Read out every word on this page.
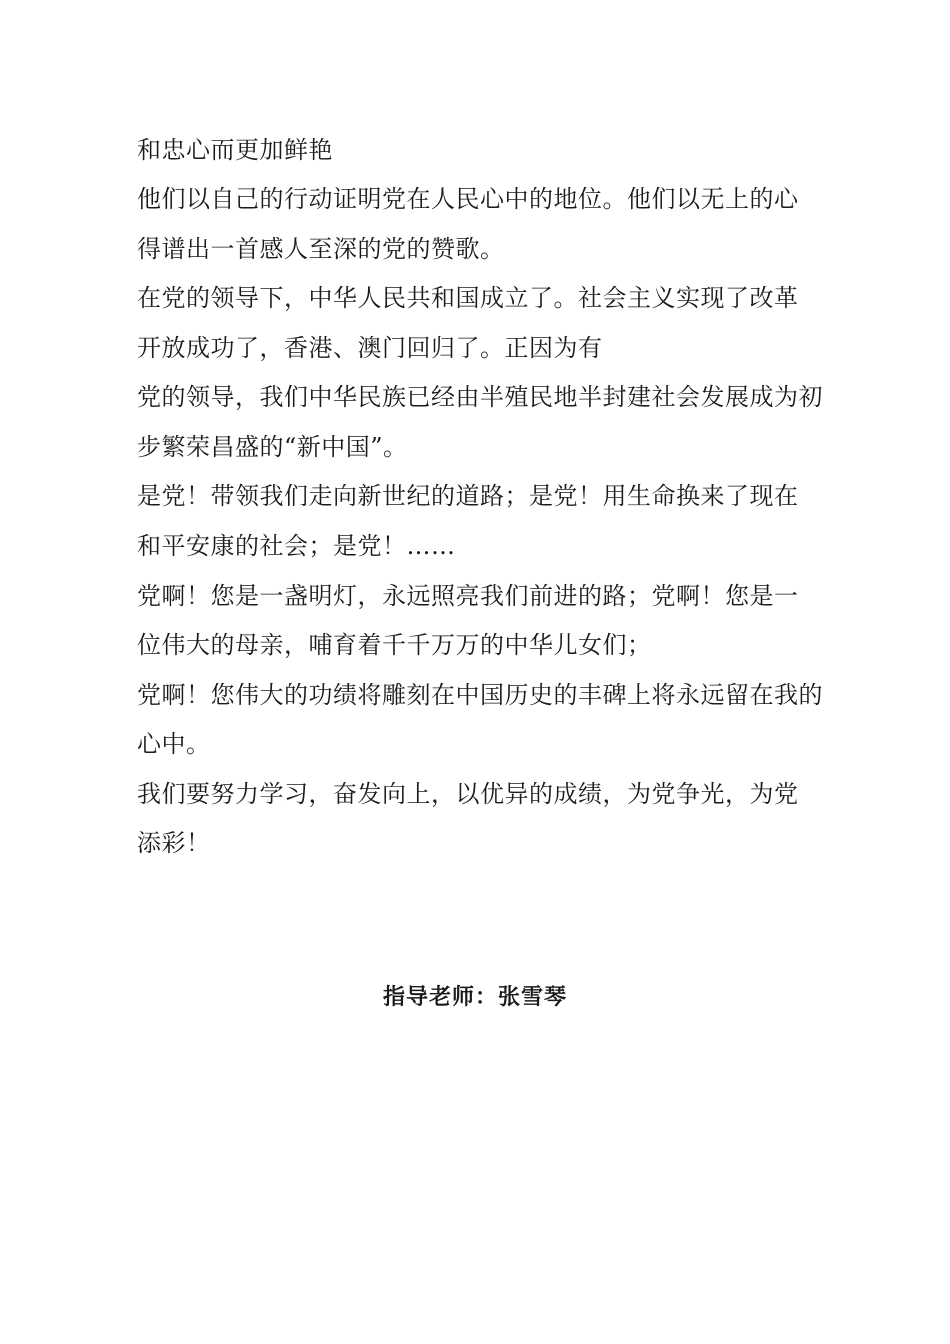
和忠心而更加鲜艳
他们以自己的行动证明党在人民心中的地位。他们以无上的心
得谱出一首感人至深的党的赞歌。
在党的领导下，中华人民共和国成立了。社会主义实现了改革
开放成功了，香港、澳门回归了。正因为有
党的领导，我们中华民族已经由半殖民地半封建社会发展成为初
步繁荣昌盛的“新中国”。
是党！带领我们走向新世纪的道路；是党！用生命换来了现在
和平安康的社会；是党！……
党啊！您是一盏明灯，永远照亮我们前进的路；党啊！您是一
位伟大的母亲，哺育着千千万万的中华儿女们；
党啊！您伟大的功绩将雕刻在中国历史的丰碑上将永远留在我的
心中。
我们要努力学习，奋发向上，以优异的成绩，为党争光，为党
添彩！
指导老师：张雪琴
